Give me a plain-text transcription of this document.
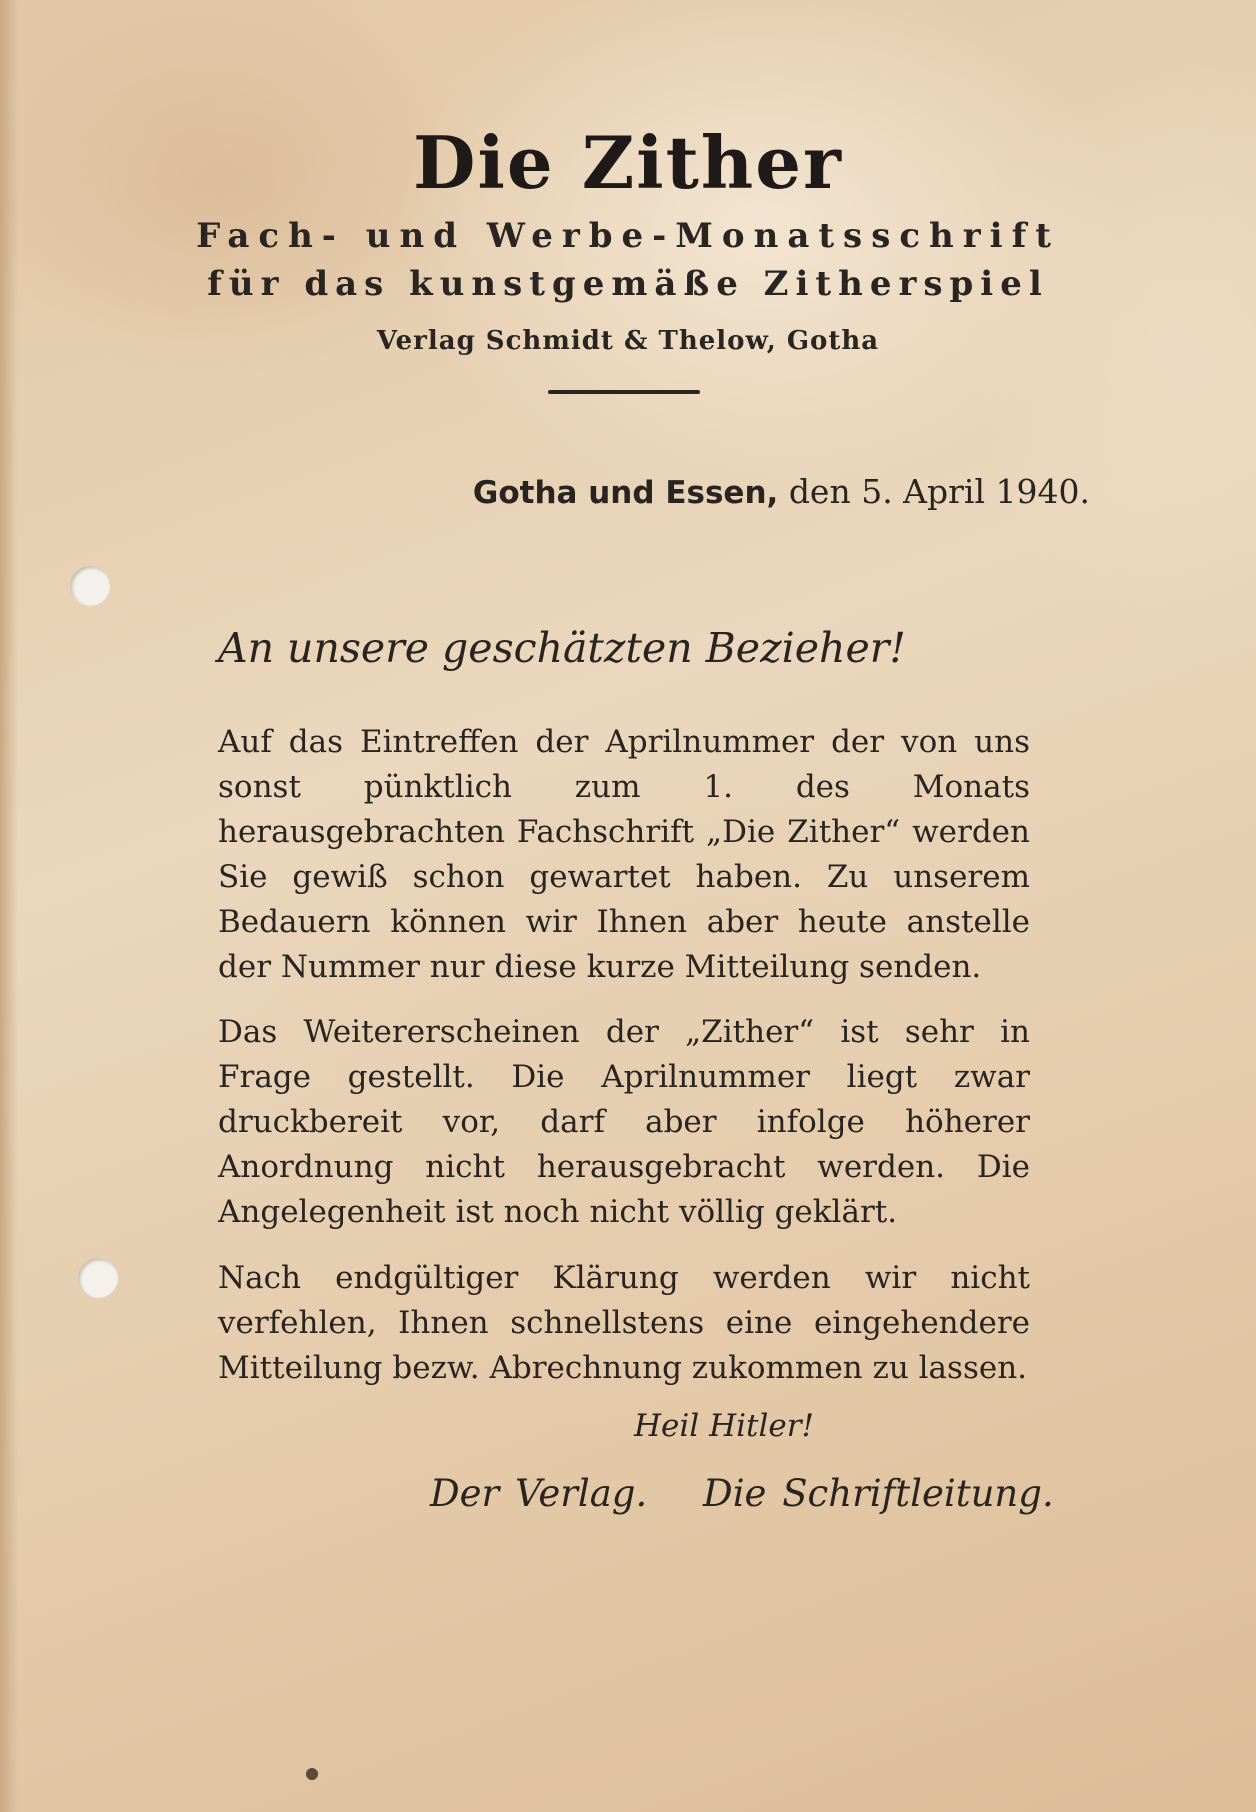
Die Zither
Fach- und Werbe-Monatsschrift
für das kunstgemäße Zitherspiel
Verlag Schmidt & Thelow, Gotha
Gotha und Essen, den 5. April 1940.
An unsere geschätzten Bezieher!
Auf das Eintreffen der Aprilnummer der von uns sonst pünktlich zum 1. des Monats herausgebrachten Fachschrift „Die Zither“ werden Sie gewiß schon gewartet haben. Zu unserem Bedauern können wir Ihnen aber heute anstelle der Nummer nur diese kurze Mitteilung senden.
Das Weitererscheinen der „Zither“ ist sehr in Frage gestellt. Die Aprilnummer liegt zwar druckbereit vor, darf aber infolge höherer Anordnung nicht herausgebracht werden. Die Angelegenheit ist noch nicht völlig geklärt.
Nach endgültiger Klärung werden wir nicht verfehlen, Ihnen schnellstens eine eingehendere Mitteilung bezw. Abrechnung zukommen zu lassen.
Heil Hitler!
Der Verlag. Die Schriftleitung.
